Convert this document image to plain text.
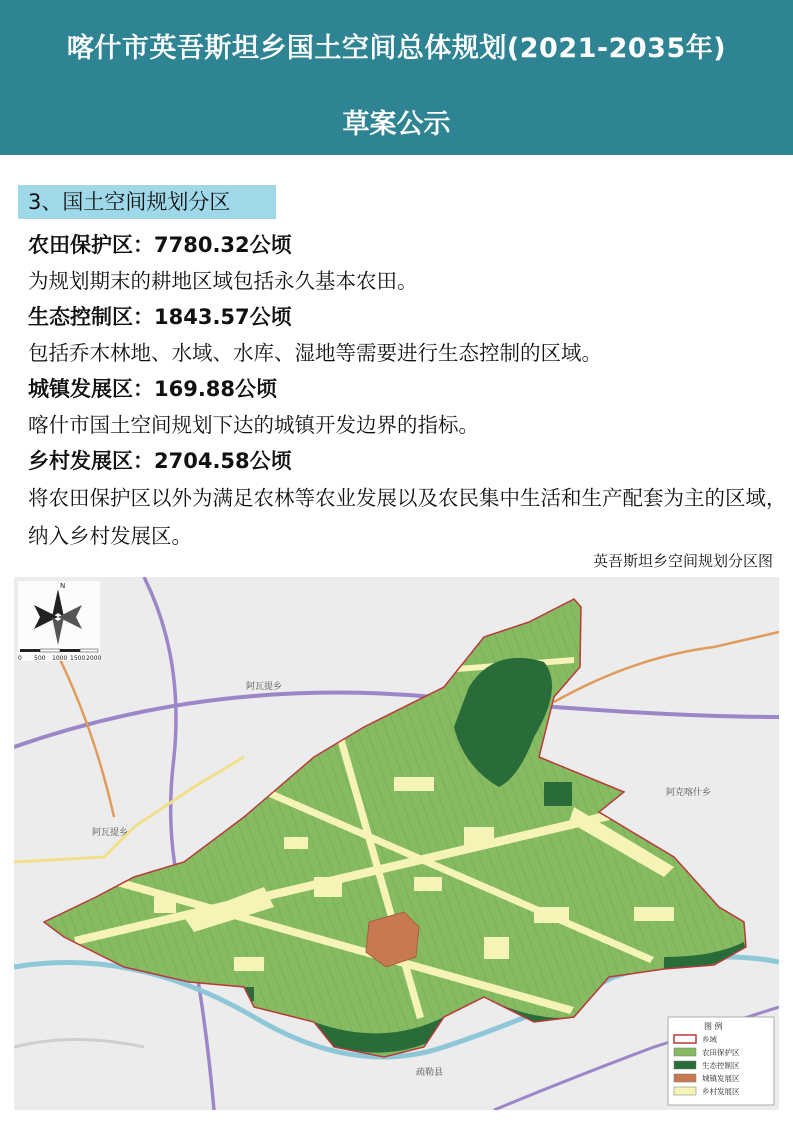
喀什市英吾斯坦乡国土空间总体规划(2021-2035年)
草案公示
3、国土空间规划分区
农田保护区：7780.32公顷
为规划期末的耕地区域包括永久基本农田。
生态控制区：1843.57公顷
包括乔木林地、水域、水库、湿地等需要进行生态控制的区域。
城镇发展区：169.88公顷
喀什市国土空间规划下达的城镇开发边界的指标。
乡村发展区：2704.58公顷
将农田保护区以外为满足农林等农业发展以及农民集中生活和生产配套为主的区域，纳入乡村发展区。
英吾斯坦乡空间规划分区图
阿瓦提乡
阿瓦提乡
阿克喀什乡
疏勒县
N
0 500 1000 1500 2000
图 例
乡域
农田保护区
生态控制区
城镇发展区
乡村发展区
